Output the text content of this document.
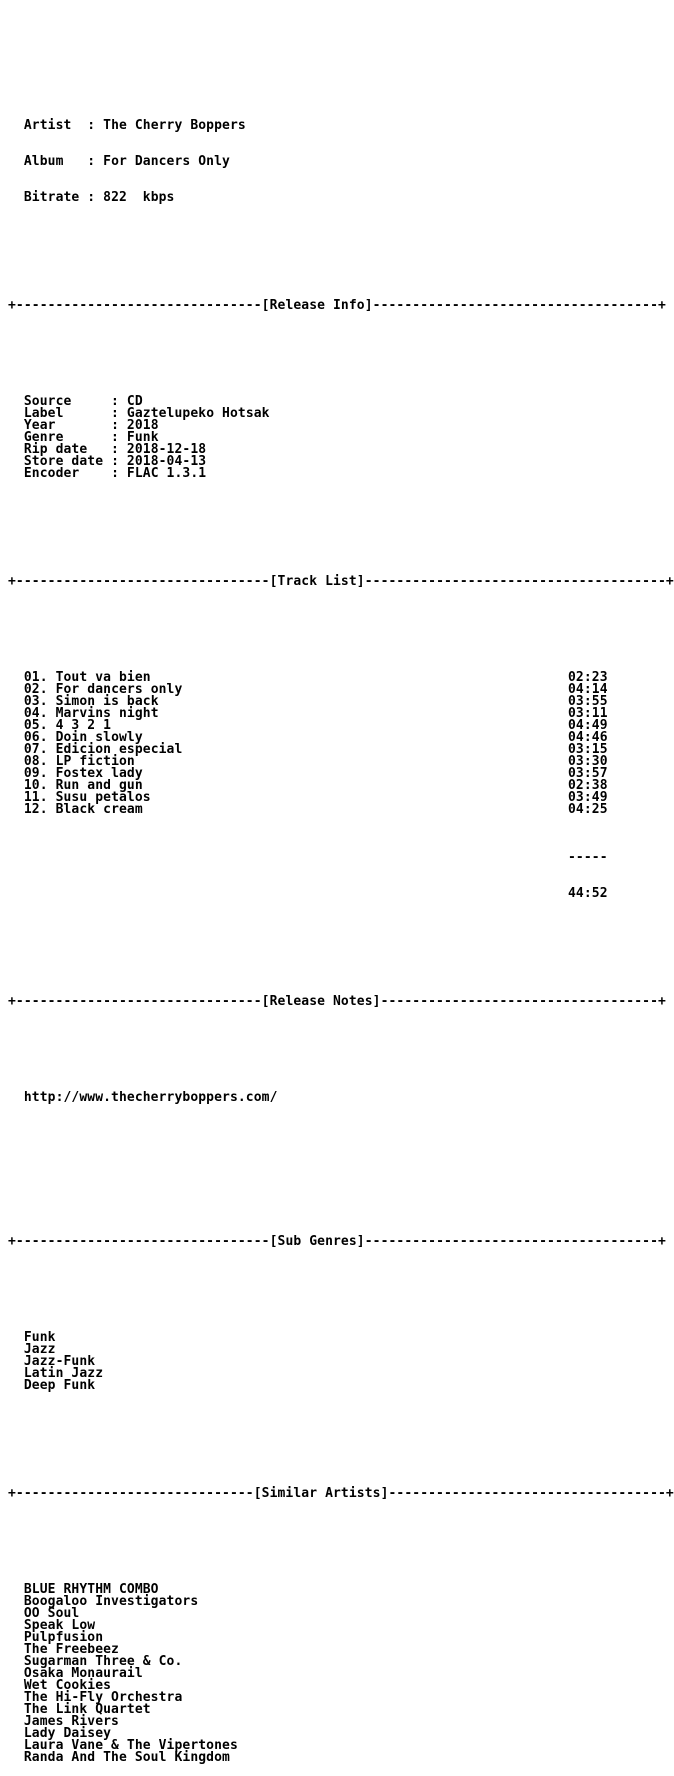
Artist  : The Cherry Boppers

Album   : For Dancers Only

Bitrate : 822  kbps

+-------------------------------[Release Info]------------------------------------+

Source     : CD
Label      : Gaztelupeko Hotsak
Year       : 2018
Genre      : Funk
Rip date   : 2018-12-18
Store date : 2018-04-13
Encoder    : FLAC 1.3.1

+--------------------------------[Track List]--------------------------------------+

01. Tout va bien	02:23
02. For dancers only	04:14
03. Simon is back	03:55
04. Marvins night	03:11
05. 4 3 2 1	04:49
06. Doin slowly	04:46
07. Edicion especial	03:15
08. LP fiction	03:30
09. Fostex lady	03:57
10. Run and gun	02:38
11. Susu petalos	03:49
12. Black cream	04:25

-----

44:52

+-------------------------------[Release Notes]-----------------------------------+

http://www.thecherryboppers.com/

+--------------------------------[Sub Genres]-------------------------------------+

Funk
Jazz
Jazz-Funk
Latin Jazz
Deep Funk

+------------------------------[Similar Artists]-----------------------------------+

BLUE RHYTHM COMBO
Boogaloo Investigators
OO Soul
Speak Low
Pulpfusion
The Freebeez
Sugarman Three & Co.
Osaka Monaurail
Wet Cookies
The Hi-Fly Orchestra
The Link Quartet
James Rivers
Lady Daisey
Laura Vane & The Vipertones
Randa And The Soul Kingdom
